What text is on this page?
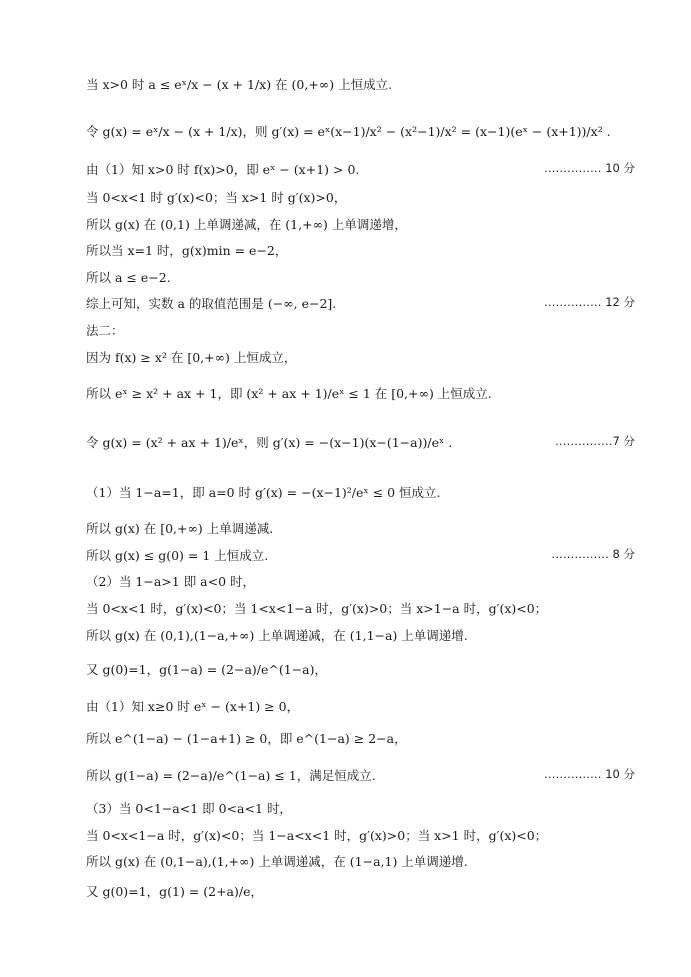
当 x>0 时 a ≤ eˣ/x − (x + 1/x) 在 (0,+∞) 上恒成立.
令 g(x) = eˣ/x − (x + 1/x)，则 g′(x) = eˣ(x−1)/x² − (x²−1)/x² = (x−1)(eˣ − (x+1))/x² .
由（1）知 x>0 时 f(x)>0，即 eˣ − (x+1) > 0.	…………… 10 分
当 0<x<1 时 g′(x)<0；当 x>1 时 g′(x)>0，
所以 g(x) 在 (0,1) 上单调递减，在 (1,+∞) 上单调递增，
所以当 x=1 时，g(x)min = e−2，
所以 a ≤ e−2.
综上可知，实数 a 的取值范围是 (−∞, e−2].	…………… 12 分
法二：
因为 f(x) ≥ x² 在 [0,+∞) 上恒成立，
所以 eˣ ≥ x² + ax + 1，即 (x² + ax + 1)/eˣ ≤ 1 在 [0,+∞) 上恒成立.
令 g(x) = (x² + ax + 1)/eˣ，则 g′(x) = −(x−1)(x−(1−a))/eˣ .	……………7 分
（1）当 1−a=1，即 a=0 时 g′(x) = −(x−1)²/eˣ ≤ 0 恒成立.
所以 g(x) 在 [0,+∞) 上单调递减.
所以 g(x) ≤ g(0) = 1 上恒成立.	…………… 8 分
（2）当 1−a>1 即 a<0 时，
当 0<x<1 时，g′(x)<0；当 1<x<1−a 时，g′(x)>0；当 x>1−a 时，g′(x)<0；
所以 g(x) 在 (0,1),(1−a,+∞) 上单调递减，在 (1,1−a) 上单调递增.
又 g(0)=1，g(1−a) = (2−a)/e^(1−a)，
由（1）知 x≥0 时 eˣ − (x+1) ≥ 0，
所以 e^(1−a) − (1−a+1) ≥ 0，即 e^(1−a) ≥ 2−a，
所以 g(1−a) = (2−a)/e^(1−a) ≤ 1，满足恒成立.	…………… 10 分
（3）当 0<1−a<1 即 0<a<1 时，
当 0<x<1−a 时，g′(x)<0；当 1−a<x<1 时，g′(x)>0；当 x>1 时，g′(x)<0；
所以 g(x) 在 (0,1−a),(1,+∞) 上单调递减，在 (1−a,1) 上单调递增.
又 g(0)=1，g(1) = (2+a)/e，
